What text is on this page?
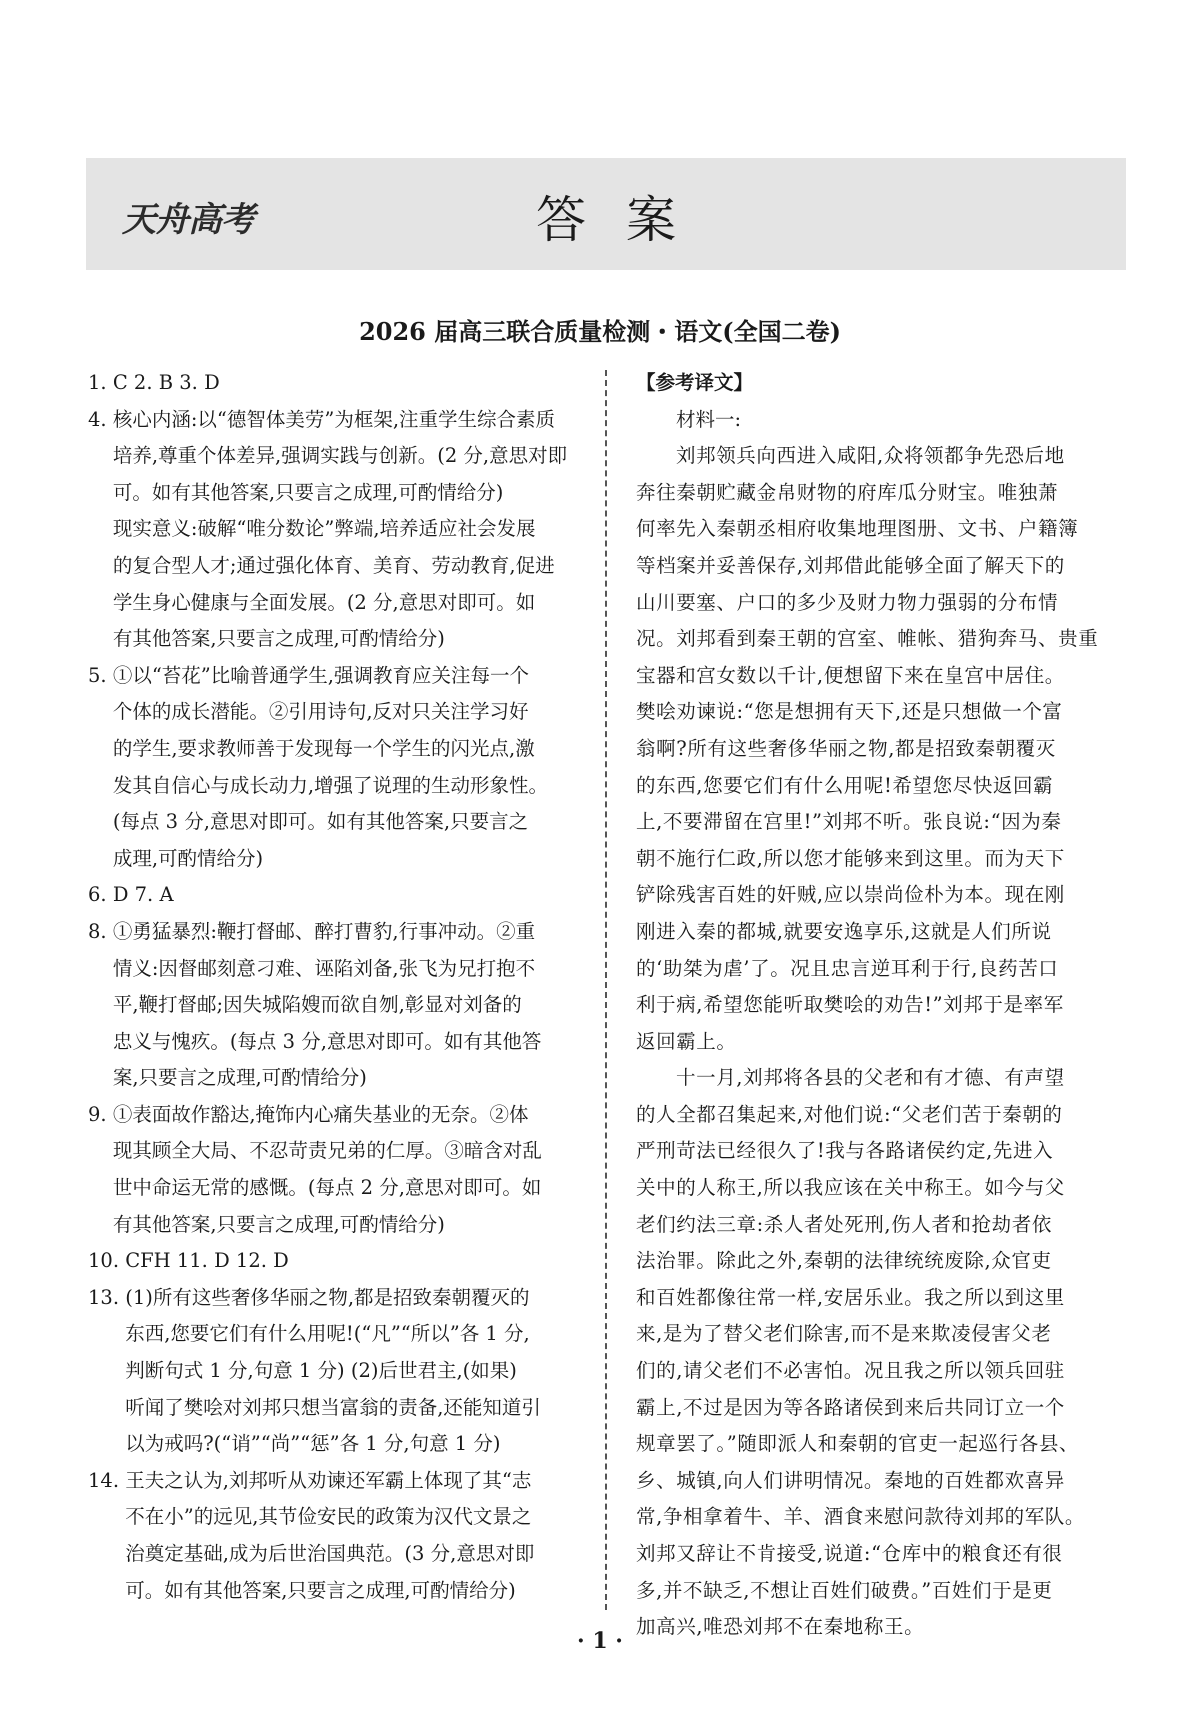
天舟高考	答案
2026 届高三联合质量检测・语文(全国二卷)
1. C 2. B 3. D
4. 核心内涵:以“德智体美劳”为框架,注重学生综合素质
培养,尊重个体差异,强调实践与创新。(2 分,意思对即
可。如有其他答案,只要言之成理,可酌情给分)
现实意义:破解“唯分数论”弊端,培养适应社会发展
的复合型人才;通过强化体育、美育、劳动教育,促进
学生身心健康与全面发展。(2 分,意思对即可。如
有其他答案,只要言之成理,可酌情给分)
5. ①以“苔花”比喻普通学生,强调教育应关注每一个
个体的成长潜能。②引用诗句,反对只关注学习好
的学生,要求教师善于发现每一个学生的闪光点,激
发其自信心与成长动力,增强了说理的生动形象性。
(每点 3 分,意思对即可。如有其他答案,只要言之
成理,可酌情给分)
6. D 7. A
8. ①勇猛暴烈:鞭打督邮、醉打曹豹,行事冲动。②重
情义:因督邮刻意刁难、诬陷刘备,张飞为兄打抱不
平,鞭打督邮;因失城陷嫂而欲自刎,彰显对刘备的
忠义与愧疚。(每点 3 分,意思对即可。如有其他答
案,只要言之成理,可酌情给分)
9. ①表面故作豁达,掩饰内心痛失基业的无奈。②体
现其顾全大局、不忍苛责兄弟的仁厚。③暗含对乱
世中命运无常的感慨。(每点 2 分,意思对即可。如
有其他答案,只要言之成理,可酌情给分)
10. CFH 11. D 12. D
13. (1)所有这些奢侈华丽之物,都是招致秦朝覆灭的
东西,您要它们有什么用呢!(“凡”“所以”各 1 分,
判断句式 1 分,句意 1 分) (2)后世君主,(如果)
听闻了樊哙对刘邦只想当富翁的责备,还能知道引
以为戒吗?(“诮”“尚”“惩”各 1 分,句意 1 分)
14. 王夫之认为,刘邦听从劝谏还军霸上体现了其“志
不在小”的远见,其节俭安民的政策为汉代文景之
治奠定基础,成为后世治国典范。(3 分,意思对即
可。如有其他答案,只要言之成理,可酌情给分)
【参考译文】
材料一:
刘邦领兵向西进入咸阳,众将领都争先恐后地
奔往秦朝贮藏金帛财物的府库瓜分财宝。唯独萧
何率先入秦朝丞相府收集地理图册、文书、户籍簿
等档案并妥善保存,刘邦借此能够全面了解天下的
山川要塞、户口的多少及财力物力强弱的分布情
况。刘邦看到秦王朝的宫室、帷帐、猎狗奔马、贵重
宝器和宫女数以千计,便想留下来在皇宫中居住。
樊哙劝谏说:“您是想拥有天下,还是只想做一个富
翁啊?所有这些奢侈华丽之物,都是招致秦朝覆灭
的东西,您要它们有什么用呢!希望您尽快返回霸
上,不要滞留在宫里!”刘邦不听。张良说:“因为秦
朝不施行仁政,所以您才能够来到这里。而为天下
铲除残害百姓的奸贼,应以崇尚俭朴为本。现在刚
刚进入秦的都城,就要安逸享乐,这就是人们所说
的‘助桀为虐’了。况且忠言逆耳利于行,良药苦口
利于病,希望您能听取樊哙的劝告!”刘邦于是率军
返回霸上。
十一月,刘邦将各县的父老和有才德、有声望
的人全都召集起来,对他们说:“父老们苦于秦朝的
严刑苛法已经很久了!我与各路诸侯约定,先进入
关中的人称王,所以我应该在关中称王。如今与父
老们约法三章:杀人者处死刑,伤人者和抢劫者依
法治罪。除此之外,秦朝的法律统统废除,众官吏
和百姓都像往常一样,安居乐业。我之所以到这里
来,是为了替父老们除害,而不是来欺凌侵害父老
们的,请父老们不必害怕。况且我之所以领兵回驻
霸上,不过是因为等各路诸侯到来后共同订立一个
规章罢了。”随即派人和秦朝的官吏一起巡行各县、
乡、城镇,向人们讲明情况。秦地的百姓都欢喜异
常,争相拿着牛、羊、酒食来慰问款待刘邦的军队。
刘邦又辞让不肯接受,说道:“仓库中的粮食还有很
多,并不缺乏,不想让百姓们破费。”百姓们于是更
加高兴,唯恐刘邦不在秦地称王。
· 1 ·
